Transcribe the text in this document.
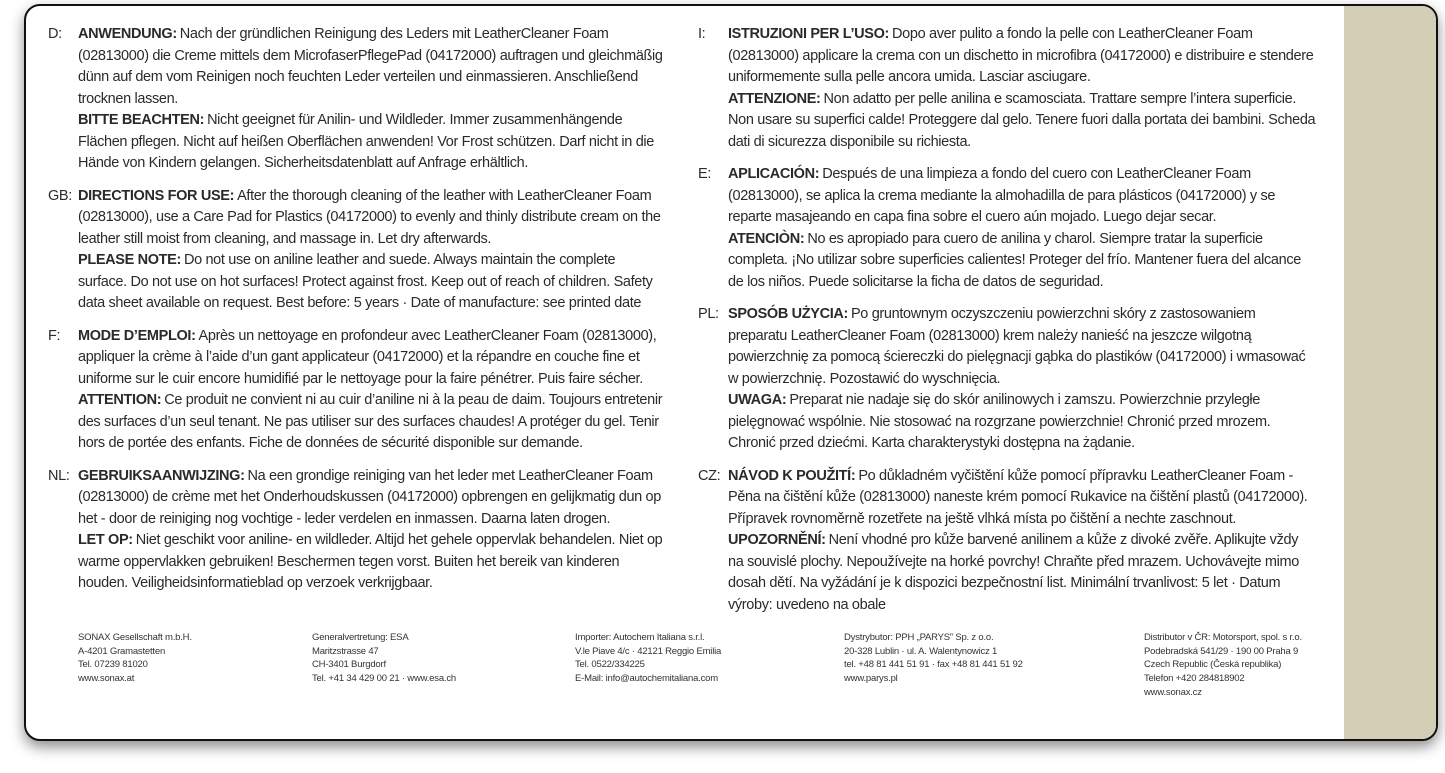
D: ANWENDUNG: Nach der gründlichen Reinigung des Leders mit LeatherCleaner Foam (02813000) die Creme mittels dem MicrofaserPflegePad (04172000) auftragen und gleichmäßig dünn auf dem vom Reinigen noch feuchten Leder verteilen und einmassieren. Anschließend trocknen lassen.

BITTE BEACHTEN: Nicht geeignet für Anilin- und Wildleder. Immer zusammenhängende Flächen pflegen. Nicht auf heißen Oberflächen anwenden! Vor Frost schützen. Darf nicht in die Hände von Kindern gelangen. Sicherheitsdatenblatt auf Anfrage erhältlich.

GB: DIRECTIONS FOR USE: After the thorough cleaning of the leather with LeatherCleaner Foam (02813000), use a Care Pad for Plastics (04172000) to evenly and thinly distribute cream on the leather still moist from cleaning, and massage in. Let dry afterwards.

PLEASE NOTE: Do not use on aniline leather and suede. Always maintain the complete surface. Do not use on hot surfaces! Protect against frost. Keep out of reach of children. Safety data sheet available on request. Best before: 5 years · Date of manufacture: see printed date

F: MODE D’EMPLOI: Après un nettoyage en profondeur avec LeatherCleaner Foam (02813000), appliquer la crème à l’aide d’un gant applicateur (04172000) et la répandre en couche fine et uniforme sur le cuir encore humidifié par le nettoyage pour la faire pénétrer. Puis faire sécher.

ATTENTION: Ce produit ne convient ni au cuir d’aniline ni à la peau de daim. Toujours entretenir des surfaces d’un seul tenant. Ne pas utiliser sur des surfaces chaudes! A protéger du gel. Tenir hors de portée des enfants. Fiche de données de sécurité disponible sur demande.

NL: GEBRUIKSAANWIJZING: Na een grondige reiniging van het leder met LeatherCleaner Foam (02813000) de crème met het Onderhoudskussen (04172000) opbrengen en gelijkmatig dun op het - door de reiniging nog vochtige - leder verdelen en inmassen. Daarna laten drogen.

LET OP: Niet geschikt voor aniline- en wildleder. Altijd het gehele oppervlak behandelen. Niet op warme oppervlakken gebruiken! Beschermen tegen vorst. Buiten het bereik van kinderen houden. Veiligheidsinformatieblad op verzoek verkrijgbaar.

I: ISTRUZIONI PER L’USO: Dopo aver pulito a fondo la pelle con LeatherCleaner Foam (02813000) applicare la crema con un dischetto in microfibra (04172000) e distribuire e stendere uniformemente sulla pelle ancora umida. Lasciar asciugare.

ATTENZIONE: Non adatto per pelle anilina e scamosciata. Trattare sempre l’intera superficie. Non usare su superfici calde! Proteggere dal gelo. Tenere fuori dalla portata dei bambini. Scheda dati di sicurezza disponibile su richiesta.

E: APLICACIÓN: Después de una limpieza a fondo del cuero con LeatherCleaner Foam (02813000), se aplica la crema mediante la almohadilla de para plásticos (04172000) y se reparte masajeando en capa fina sobre el cuero aún mojado. Luego dejar secar.

ATENCIÒN: No es apropiado para cuero de anilina y charol. Siempre tratar la superficie completa. ¡No utilizar sobre superficies calientes! Proteger del frío. Mantener fuera del alcance de los niños. Puede solicitarse la ficha de datos de seguridad.

PL: SPOSÓB UŻYCIA: Po gruntownym oczyszczeniu powierzchni skóry z zastosowaniem preparatu LeatherCleaner Foam (02813000) krem należy nanieść na jeszcze wilgotną powierzchnię za pomocą ściereczki do pielęgnacji gąbka do plastików (04172000) i wmasować w powierzchnię. Pozostawić do wyschnięcia.

UWAGA: Preparat nie nadaje się do skór anilinowych i zamszu. Powierzchnie przyległe pielęgnować wspólnie. Nie stosować na rozgrzane powierzchnie! Chronić przed mrozem. Chronić przed dziećmi. Karta charakterystyki dostępna na żądanie.

CZ: NÁVOD K POUŽITÍ: Po důkladném vyčištění kůže pomocí přípravku LeatherCleaner Foam - Pěna na čištění kůže (02813000) naneste krém pomocí Rukavice na čištění plastů (04172000). Přípravek rovnoměrně rozetřete na ještě vlhká místa po čištění a nechte zaschnout.

UPOZORNĚNÍ: Není vhodné pro kůže barvené anilinem a kůže z divoké zvěře. Aplikujte vždy na souvislé plochy. Nepoužívejte na horké povrchy! Chraňte před mrazem. Uchovávejte mimo dosah dětí. Na vyžádání je k dispozici bezpečnostní list. Minimální trvanlivost: 5 let · Datum výroby: uvedeno na obale

SONAX Gesellschaft m.b.H.
A-4201 Gramastetten
Tel. 07239 81020
www.sonax.at
Generalvertretung: ESA
Maritzstrasse 47
CH-3401 Burgdorf
Tel. +41 34 429 00 21 · www.esa.ch
Importer: Autochem Italiana s.r.l.
V.le Piave 4/c · 42121 Reggio Emilia
Tel. 0522/334225
E-Mail: info@autochemitaliana.com
Dystrybutor: PPH „PARYS” Sp. z o.o.
20-328 Lublin · ul. A. Walentynowicz 1
tel. +48 81 441 51 91 · fax +48 81 441 51 92
www.parys.pl
Distributor v ČR: Motorsport, spol. s r.o.
Podebradská 541/29 · 190 00 Praha 9
Czech Republic (Česká republika)
Telefon +420 284818902
www.sonax.cz
